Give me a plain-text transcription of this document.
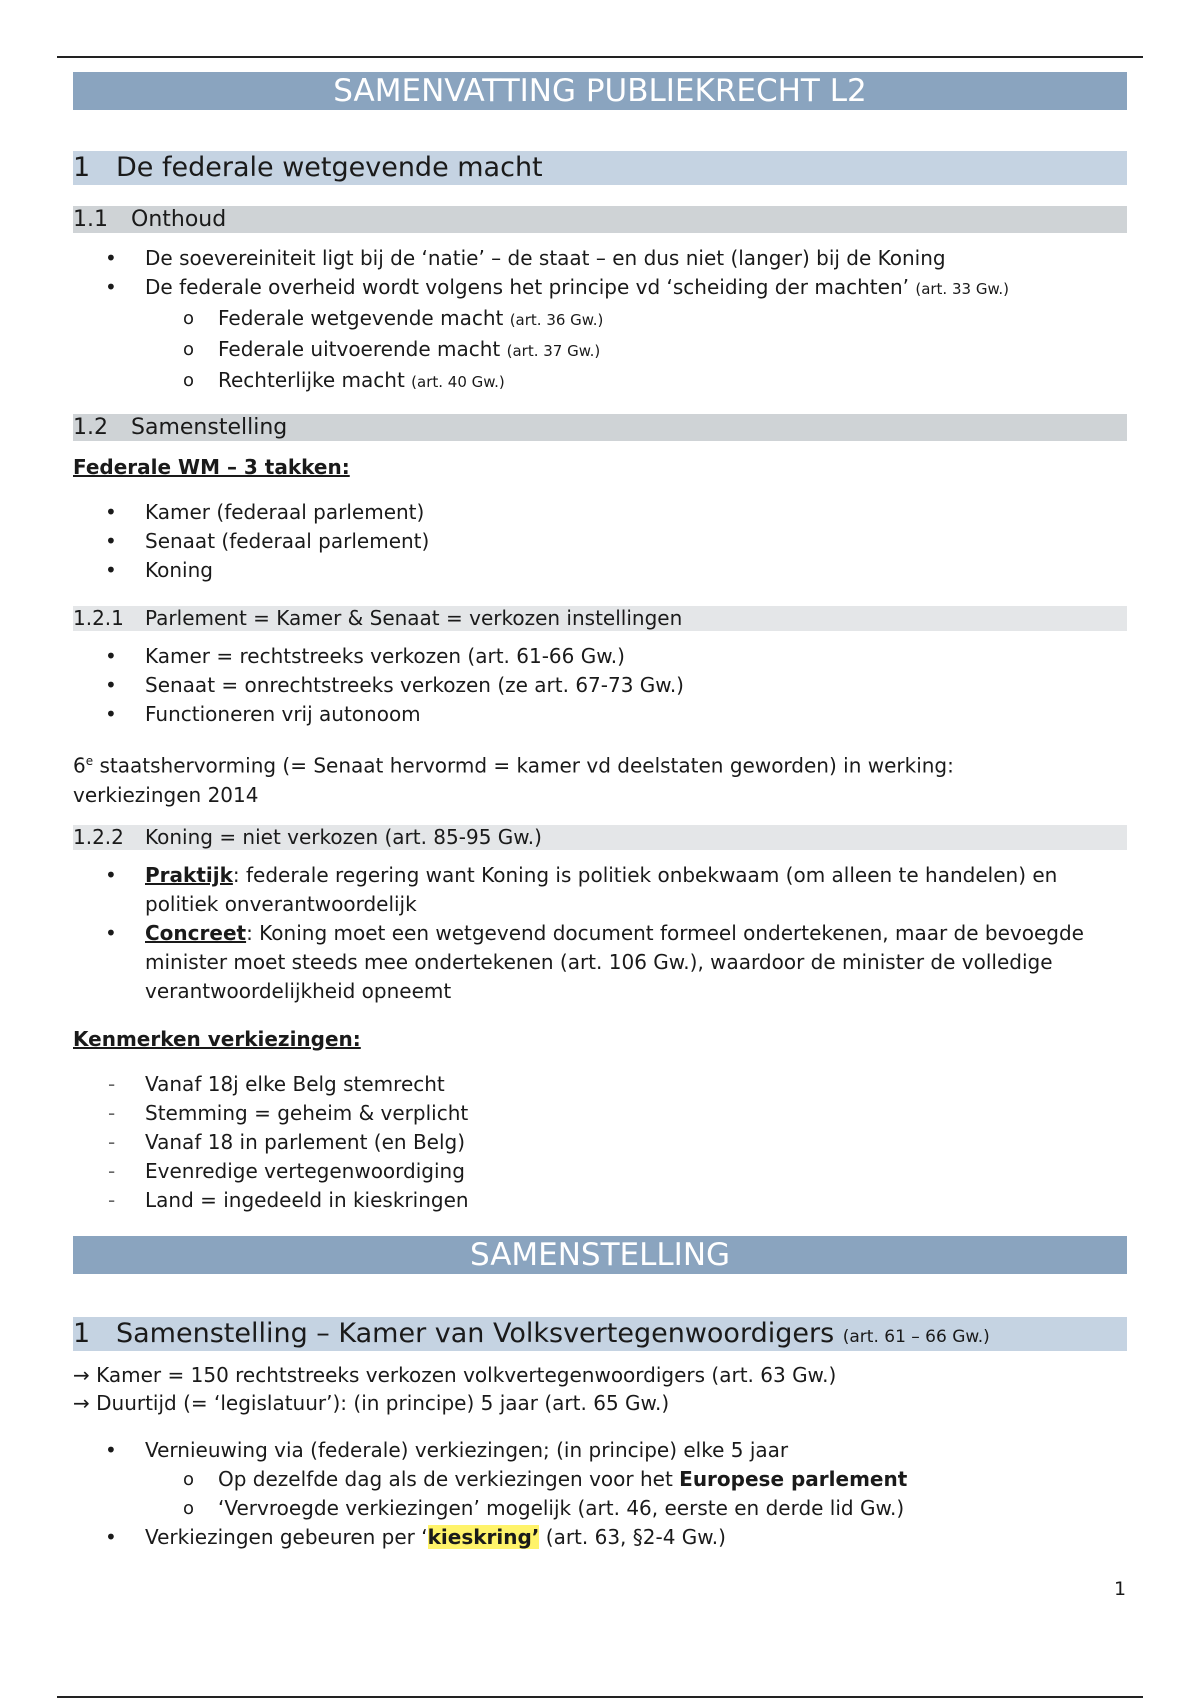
SAMENVATTING PUBLIEKRECHT L2
1 De federale wetgevende macht
1.1 Onthoud
• De soevereiniteit ligt bij de ‘natie’ – de staat – en dus niet (langer) bij de Koning
• De federale overheid wordt volgens het principe vd ‘scheiding der machten’ (art. 33 Gw.)
o Federale wetgevende macht (art. 36 Gw.)
o Federale uitvoerende macht (art. 37 Gw.)
o Rechterlijke macht (art. 40 Gw.)
1.2 Samenstelling
Federale WM – 3 takken:
• Kamer (federaal parlement)
• Senaat (federaal parlement)
• Koning
1.2.1 Parlement = Kamer & Senaat = verkozen instellingen
• Kamer = rechtstreeks verkozen (art. 61-66 Gw.)
• Senaat = onrechtstreeks verkozen (ze art. 67-73 Gw.)
• Functioneren vrij autonoom
6e staatshervorming (= Senaat hervormd = kamer vd deelstaten geworden) in werking: verkiezingen 2014
1.2.2 Koning = niet verkozen (art. 85-95 Gw.)
• Praktijk: federale regering want Koning is politiek onbekwaam (om alleen te handelen) en politiek onverantwoordelijk
• Concreet: Koning moet een wetgevend document formeel ondertekenen, maar de bevoegde minister moet steeds mee ondertekenen (art. 106 Gw.), waardoor de minister de volledige verantwoordelijkheid opneemt
Kenmerken verkiezingen:
- Vanaf 18j elke Belg stemrecht
- Stemming = geheim & verplicht
- Vanaf 18 in parlement (en Belg)
- Evenredige vertegenwoordiging
- Land = ingedeeld in kieskringen
SAMENSTELLING
1 Samenstelling – Kamer van Volksvertegenwoordigers (art. 61 – 66 Gw.)
→ Kamer = 150 rechtstreeks verkozen volkvertegenwoordigers (art. 63 Gw.)
→ Duurtijd (= ‘legislatuur’): (in principe) 5 jaar (art. 65 Gw.)
• Vernieuwing via (federale) verkiezingen; (in principe) elke 5 jaar
o Op dezelfde dag als de verkiezingen voor het Europese parlement
o ‘Vervroegde verkiezingen’ mogelijk (art. 46, eerste en derde lid Gw.)
• Verkiezingen gebeuren per ‘kieskring’ (art. 63, §2-4 Gw.)
1
